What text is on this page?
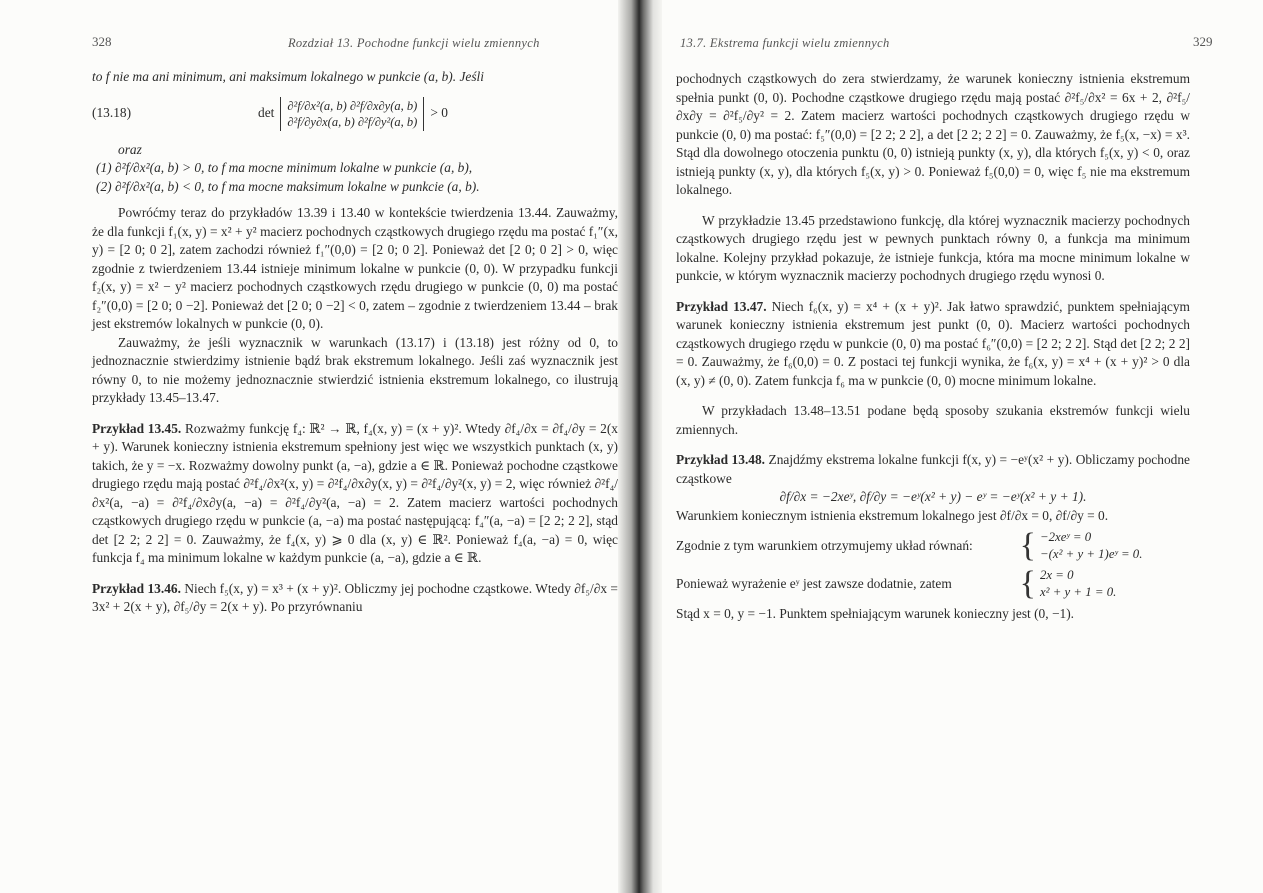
328	Rozdział 13. Pochodne funkcji wielu zmiennych

to f nie ma ani minimum, ani maksimum lokalnego w punkcie (a, b). Jeśli

(13.18)	det ∂²f/∂x²(a, b) ∂²f/∂x∂y(a, b)
∂²f/∂y∂x(a, b) ∂²f/∂y²(a, b)
> 0

oraz

(1) ∂²f/∂x²(a, b) > 0, to f ma mocne minimum lokalne w punkcie (a, b),

(2) ∂²f/∂x²(a, b) < 0, to f ma mocne maksimum lokalne w punkcie (a, b).

Powróćmy teraz do przykładów 13.39 i 13.40 w kontekście twierdzenia 13.44. Zauważmy, że dla funkcji f₁(x, y) = x² + y² macierz pochodnych cząstkowych drugiego rzędu ma postać f₁″(x, y) = [2 0; 0 2], zatem zachodzi również f₁″(0,0) = [2 0; 0 2]. Ponieważ det [2 0; 0 2] > 0, więc zgodnie z twierdzeniem 13.44 istnieje minimum lokalne w punkcie (0, 0). W przypadku funkcji f₂(x, y) = x² − y² macierz pochodnych cząstkowych rzędu drugiego w punkcie (0, 0) ma postać f₂″(0,0) = [2 0; 0 −2]. Ponieważ det [2 0; 0 −2] < 0, zatem – zgodnie z twierdzeniem 13.44 – brak jest ekstremów lokalnych w punkcie (0, 0).

Zauważmy, że jeśli wyznacznik w warunkach (13.17) i (13.18) jest różny od 0, to jednoznacznie stwierdzimy istnienie bądź brak ekstremum lokalnego. Jeśli zaś wyznacznik jest równy 0, to nie możemy jednoznacznie stwierdzić istnienia ekstremum lokalnego, co ilustrują przykłady 13.45–13.47.

Przykład 13.45. Rozważmy funkcję f₄: ℝ² → ℝ, f₄(x, y) = (x + y)². Wtedy ∂f₄/∂x = ∂f₄/∂y = 2(x + y). Warunek konieczny istnienia ekstremum spełniony jest więc we wszystkich punktach (x, y) takich, że y = −x. Rozważmy dowolny punkt (a, −a), gdzie a ∈ ℝ. Ponieważ pochodne cząstkowe drugiego rzędu mają postać ∂²f₄/∂x²(x, y) = ∂²f₄/∂x∂y(x, y) = ∂²f₄/∂y²(x, y) = 2, więc również ∂²f₄/∂x²(a, −a) = ∂²f₄/∂x∂y(a, −a) = ∂²f₄/∂y²(a, −a) = 2. Zatem macierz wartości pochodnych cząstkowych drugiego rzędu w punkcie (a, −a) ma postać następującą: f₄″(a, −a) = [2 2; 2 2], stąd det [2 2; 2 2] = 0. Zauważmy, że f₄(x, y) ⩾ 0 dla (x, y) ∈ ℝ². Ponieważ f₄(a, −a) = 0, więc funkcja f₄ ma minimum lokalne w każdym punkcie (a, −a), gdzie a ∈ ℝ.

Przykład 13.46. Niech f₅(x, y) = x³ + (x + y)². Obliczmy jej pochodne cząstkowe. Wtedy ∂f₅/∂x = 3x² + 2(x + y), ∂f₅/∂y = 2(x + y). Po przyrównaniu

13.7. Ekstrema funkcji wielu zmiennych	329

pochodnych cząstkowych do zera stwierdzamy, że warunek konieczny istnienia ekstremum spełnia punkt (0, 0). Pochodne cząstkowe drugiego rzędu mają postać ∂²f₅/∂x² = 6x + 2, ∂²f₅/∂x∂y = ∂²f₅/∂y² = 2. Zatem macierz wartości pochodnych cząstkowych drugiego rzędu w punkcie (0, 0) ma postać: f₅″(0,0) = [2 2; 2 2], a det [2 2; 2 2] = 0. Zauważmy, że f₅(x, −x) = x³. Stąd dla dowolnego otoczenia punktu (0, 0) istnieją punkty (x, y), dla których f₅(x, y) < 0, oraz istnieją punkty (x, y), dla których f₅(x, y) > 0. Ponieważ f₅(0,0) = 0, więc f₅ nie ma ekstremum lokalnego.

W przykładzie 13.45 przedstawiono funkcję, dla której wyznacznik macierzy pochodnych cząstkowych drugiego rzędu jest w pewnych punktach równy 0, a funkcja ma minimum lokalne. Kolejny przykład pokazuje, że istnieje funkcja, która ma mocne minimum lokalne w punkcie, w którym wyznacznik macierzy pochodnych drugiego rzędu wynosi 0.

Przykład 13.47. Niech f₆(x, y) = x⁴ + (x + y)². Jak łatwo sprawdzić, punktem spełniającym warunek konieczny istnienia ekstremum jest punkt (0, 0). Macierz wartości pochodnych cząstkowych drugiego rzędu w punkcie (0, 0) ma postać f₆″(0,0) = [2 2; 2 2]. Stąd det [2 2; 2 2] = 0. Zauważmy, że f₆(0,0) = 0. Z postaci tej funkcji wynika, że f₆(x, y) = x⁴ + (x + y)² > 0 dla (x, y) ≠ (0, 0). Zatem funkcja f₆ ma w punkcie (0, 0) mocne minimum lokalne.

W przykładach 13.48–13.51 podane będą sposoby szukania ekstremów funkcji wielu zmiennych.

Przykład 13.48. Znajdźmy ekstrema lokalne funkcji f(x, y) = −eʸ(x² + y). Obliczamy pochodne cząstkowe

∂f/∂x = −2xeʸ, ∂f/∂y = −eʸ(x² + y) − eʸ = −eʸ(x² + y + 1).

Warunkiem koniecznym istnienia ekstremum lokalnego jest ∂f/∂x = 0, ∂f/∂y = 0.

Zgodnie z tym warunkiem otrzymujemy układ równań:	{ −2xeʸ = 0
−(x² + y + 1)eʸ = 0.
Ponieważ wyrażenie eʸ jest zawsze dodatnie, zatem	{ 2x = 0
x² + y + 1 = 0.

Stąd x = 0, y = −1. Punktem spełniającym warunek konieczny jest (0, −1).
